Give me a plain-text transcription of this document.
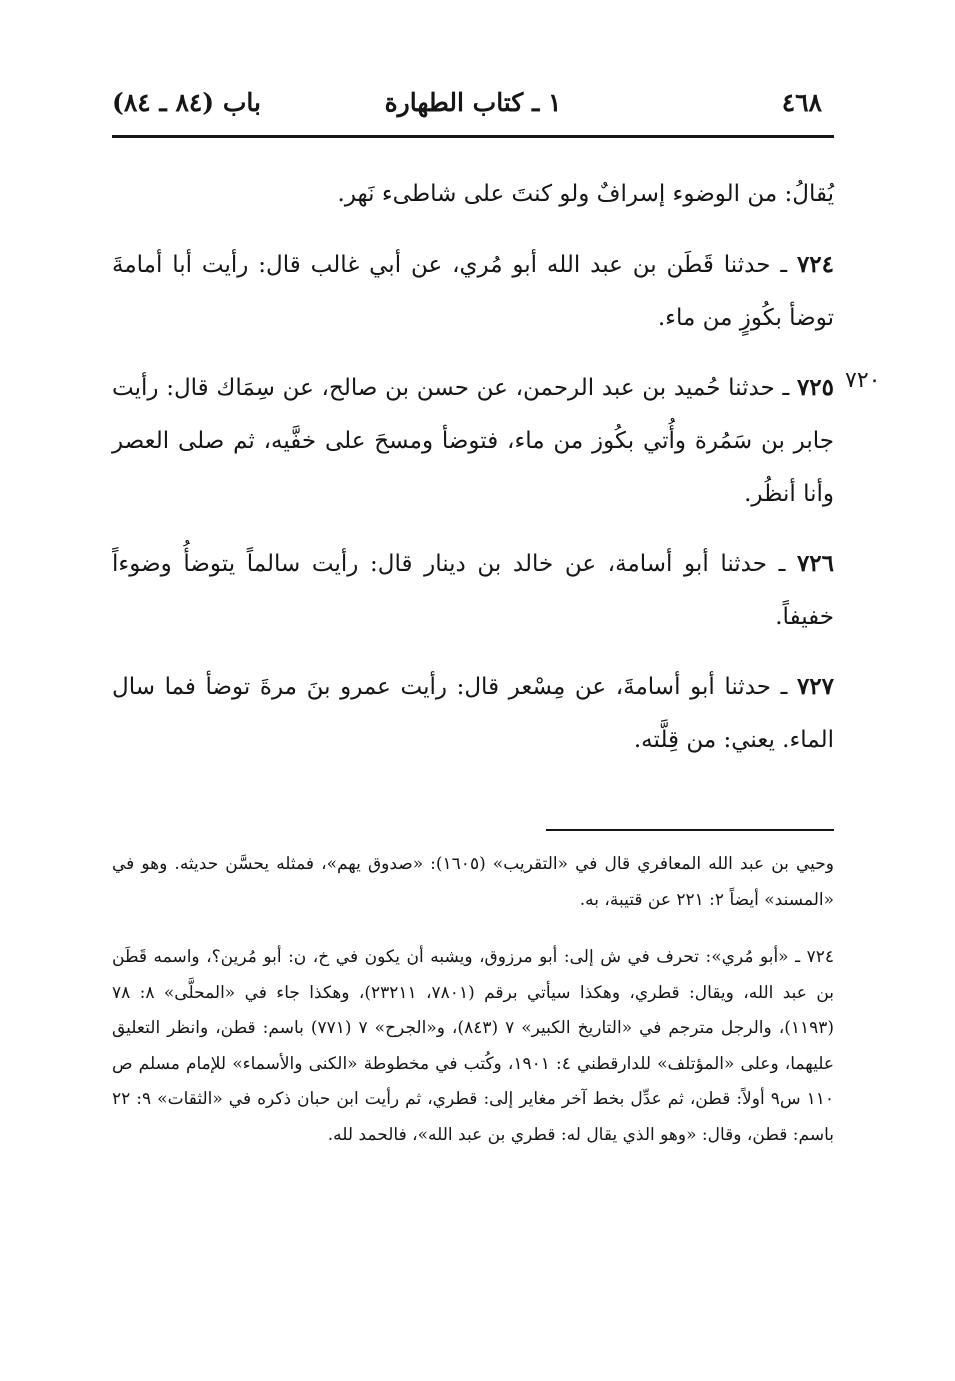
٤٦٨
١ ـ كتاب الطهارة
باب (٨٤ ـ ٨٤)
يُقالُ: من الوضوء إسرافٌ ولو كنتَ على شاطىء نَهر.
٧٢٤ ـ حدثنا قَطَن بن عبد الله أبو مُري، عن أبي غالب قال: رأيت أبا أمامةَ توضأ بكُوزٍ من ماء.
٧٢٠
٧٢٥ ـ حدثنا حُميد بن عبد الرحمن، عن حسن بن صالح، عن سِمَاك قال: رأيت جابر بن سَمُرة وأُتي بكُوز من ماء، فتوضأ ومسحَ على خفَّيه، ثم صلى العصر وأنا أنظُر.
٧٢٦ ـ حدثنا أبو أسامة، عن خالد بن دينار قال: رأيت سالماً يتوضأُ وضوءاً خفيفاً.
٧٢٧ ـ حدثنا أبو أسامةَ، عن مِسْعر قال: رأيت عمرو بنَ مرةَ توضأ فما سال الماء. يعني: من قِلَّته.
وحيي بن عبد الله المعافري قال في «التقريب» (١٦٠٥): «صدوق يهم»، فمثله يحسَّن حديثه. وهو في «المسند» أيضاً ٢: ٢٢١ عن قتيبة، به.
٧٢٤ ـ «أبو مُري»: تحرف في ش إلى: أبو مرزوق، ويشبه أن يكون في خ، ن: أبو مُرين؟، واسمه قَطَن بن عبد الله، ويقال: قطري، وهكذا سيأتي برقم (٧٨٠١، ٢٣٢١١)، وهكذا جاء في «المحلَّى» ٨: ٧٨ (١١٩٣)، والرجل مترجم في «التاريخ الكبير» ٧ (٨٤٣)، و«الجرح» ٧ (٧٧١) باسم: قطن، وانظر التعليق عليهما، وعلى «المؤتلف» للدارقطني ٤: ١٩٠١، وكُتب في مخطوطة «الكنى والأسماء» للإمام مسلم ص ١١٠ س٩ أولاً: قطن، ثم عدِّل بخط آخر مغاير إلى: قطري، ثم رأيت ابن حبان ذكره في «الثقات» ٩: ٢٢ باسم: قطن، وقال: «وهو الذي يقال له: قطري بن عبد الله»، فالحمد لله.
